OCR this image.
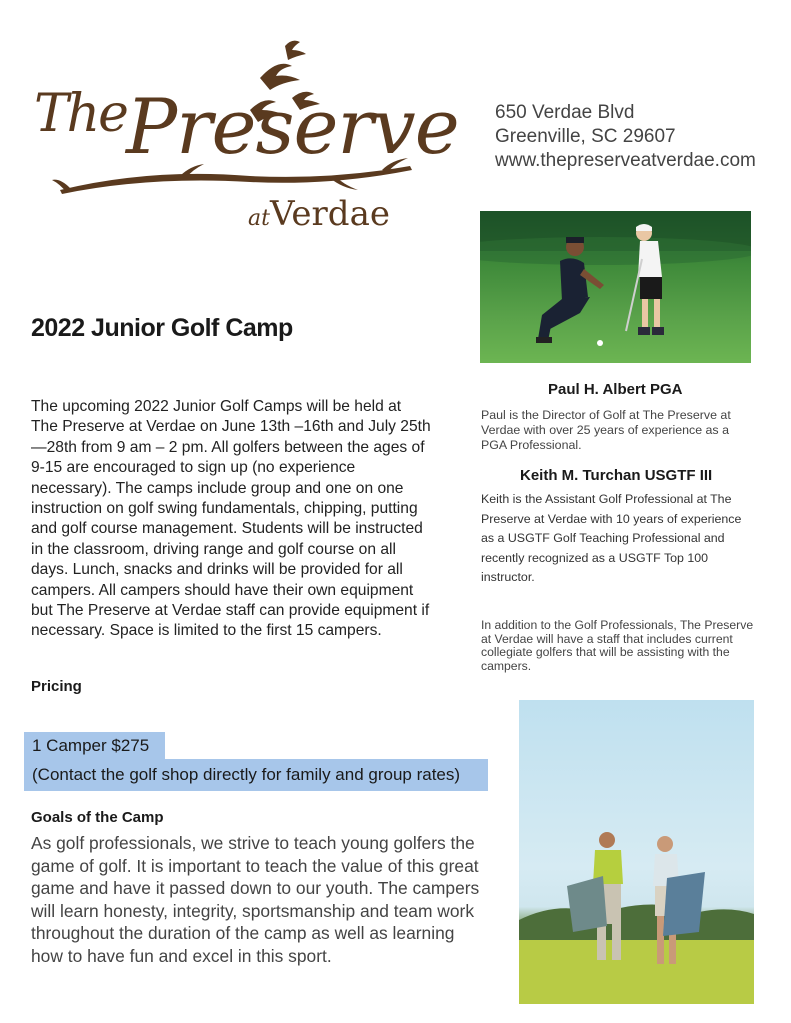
The Preserve
at Verdae
650 Verdae Blvd
Greenville, SC 29607
www.thepreserveatverdae.com
2022 Junior Golf Camp
The upcoming 2022 Junior Golf Camps will be held at The Preserve at Verdae on June 13th –16th and July 25th—28th from 9 am – 2 pm. All golfers between the ages of 9-15 are encouraged to sign up (no experience necessary). The camps include group and one on one instruction on golf swing fundamentals, chipping, putting and golf course management. Students will be instructed in the classroom, driving range and golf course on all days. Lunch, snacks and drinks will be provided for all campers. All campers should have their own equipment but The Preserve at Verdae staff can provide equipment if necessary. Space is limited to the first 15 campers.
Pricing
(Contact the golf shop directly for family and group rates)
1 Camper $275
Goals of the Camp
As golf professionals, we strive to teach young golfers the game of golf. It is important to teach the value of this great game and have it passed down to our youth. The campers will learn honesty, integrity, sportsmanship and team work throughout the duration of the camp as well as learning how to have fun and excel in this sport.
Paul H. Albert PGA
Paul is the Director of Golf at The Preserve at Verdae with over 25 years of experience as a PGA Professional.
Keith M. Turchan USGTF III
Keith is the Assistant Golf Professional at The Preserve at Verdae with 10 years of experience as a USGTF Golf Teaching Professional and recently recognized as a USGTF Top 100 instructor.
In addition to the Golf Professionals, The Preserve at Verdae will have a staff that includes current collegiate golfers that will be assisting with the campers.
